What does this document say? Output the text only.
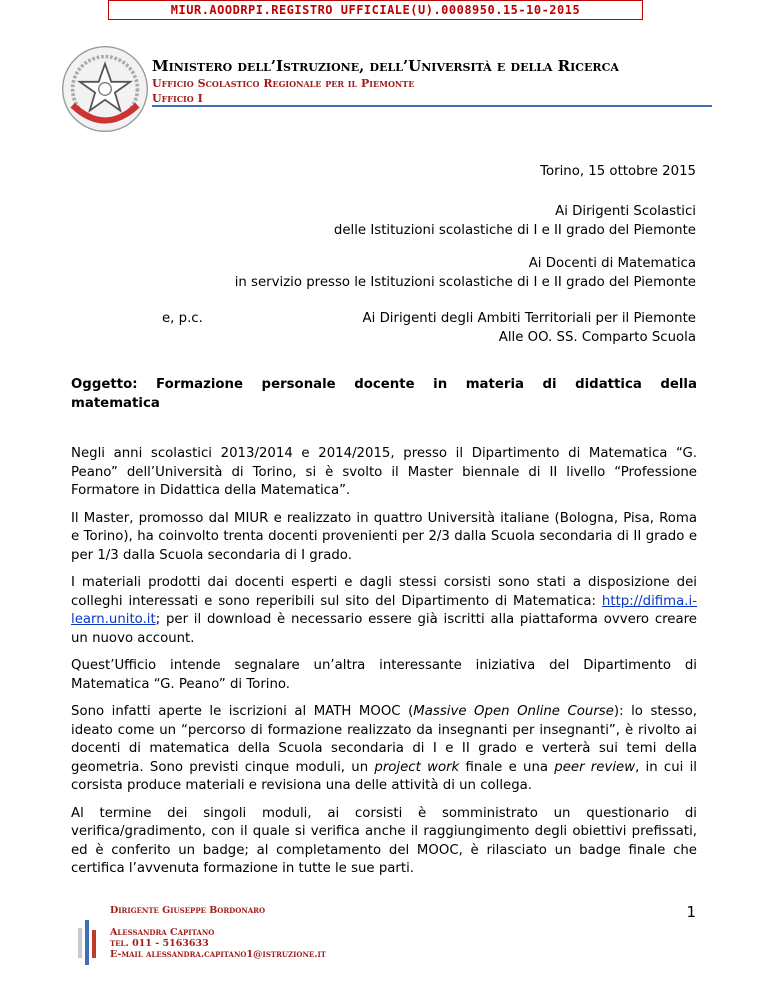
MIUR.AOODRPI.REGISTRO UFFICIALE(U).0008950.15-10-2015
Ministero dell’Istruzione, dell’Università e della Ricerca
Ufficio Scolastico Regionale per il Piemonte
Ufficio I
Torino, 15 ottobre 2015
Ai Dirigenti Scolastici
delle Istituzioni scolastiche di I e II grado del Piemonte
Ai Docenti di Matematica
in servizio presso le Istituzioni scolastiche di I e II grado del Piemonte
e, p.c.	Ai Dirigenti degli Ambiti Territoriali per il Piemonte
Alle OO. SS. Comparto Scuola
Oggetto: Formazione personale docente in materia di didattica della
matematica

Negli anni scolastici 2013/2014 e 2014/2015, presso il Dipartimento di Matematica “G. Peano” dell’Università di Torino, si è svolto il Master biennale di II livello “Professione Formatore in Didattica della Matematica”.

Il Master, promosso dal MIUR e realizzato in quattro Università italiane (Bologna, Pisa, Roma e Torino), ha coinvolto trenta docenti provenienti per 2/3 dalla Scuola secondaria di II grado e per 1/3 dalla Scuola secondaria di I grado.

I materiali prodotti dai docenti esperti e dagli stessi corsisti sono stati a disposizione dei colleghi interessati e sono reperibili sul sito del Dipartimento di Matematica: http://difima.i-learn.unito.it; per il download è necessario essere già iscritti alla piattaforma ovvero creare un nuovo account.

Quest’Ufficio intende segnalare un’altra interessante iniziativa del Dipartimento di Matematica “G. Peano” di Torino.

Sono infatti aperte le iscrizioni al MATH MOOC (Massive Open Online Course): lo stesso, ideato come un “percorso di formazione realizzato da insegnanti per insegnanti”, è rivolto ai docenti di matematica della Scuola secondaria di I e II grado e verterà sui temi della geometria. Sono previsti cinque moduli, un project work finale e una peer review, in cui il corsista produce materiali e revisiona una delle attività di un collega.

Al termine dei singoli moduli, ai corsisti è somministrato un questionario di verifica/gradimento, con il quale si verifica anche il raggiungimento degli obiettivi prefissati, ed è conferito un badge; al completamento del MOOC, è rilasciato un badge finale che certifica l’avvenuta formazione in tutte le sue parti.

Dirigente Giuseppe Bordonaro
Alessandra Capitano
tel. 011 - 5163633
E-mail alessandra.capitano1@istruzione.it
1
